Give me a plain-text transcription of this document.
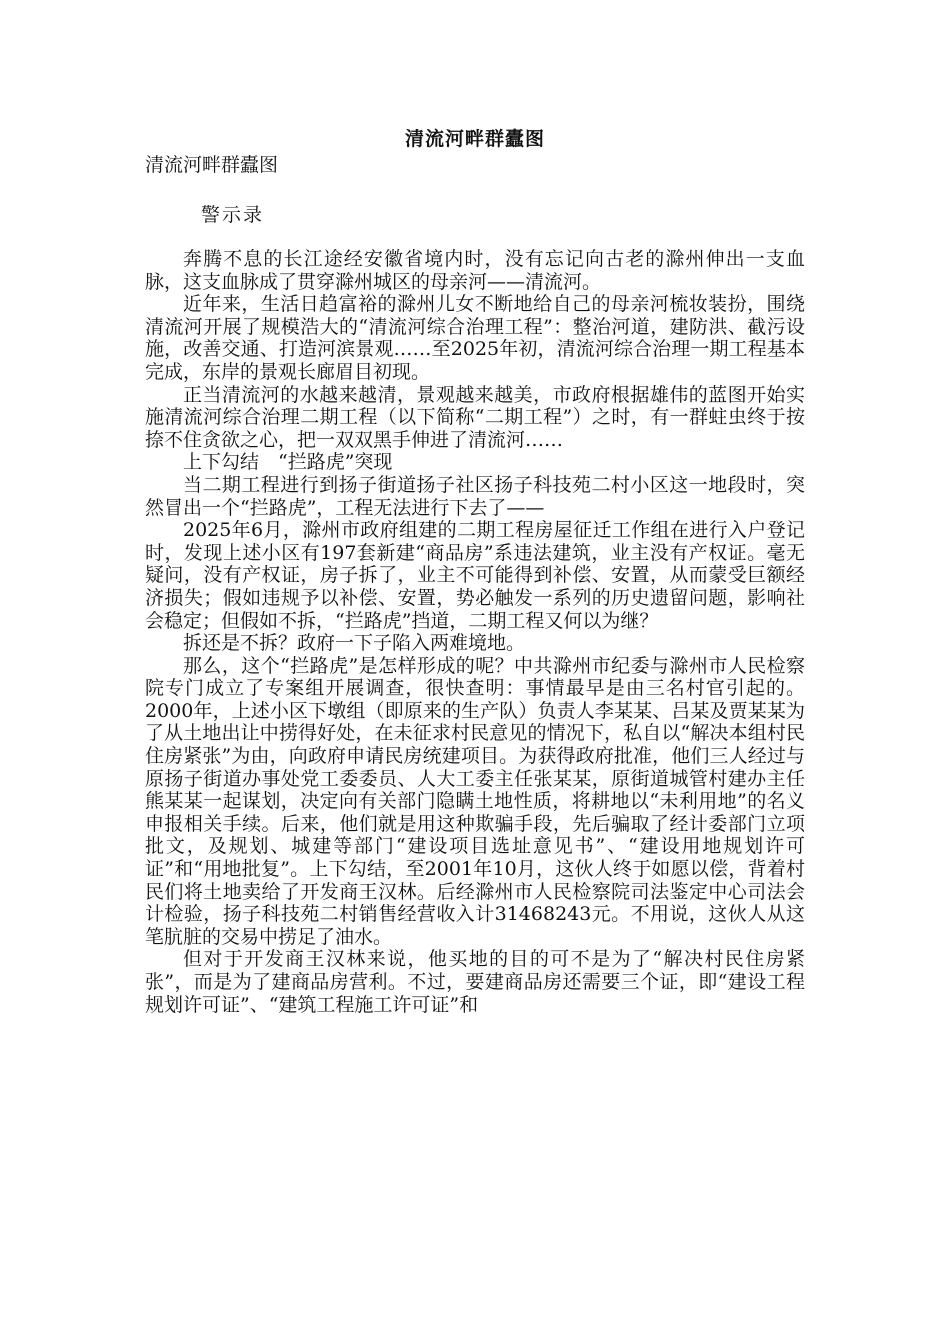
清流河畔群蠹图
清流河畔群蠹图
警示录

奔腾不息的长江途经安徽省境内时，没有忘记向古老的滁州伸出一支血脉，这支血脉成了贯穿滁州城区的母亲河——清流河。

近年来，生活日趋富裕的滁州儿女不断地给自己的母亲河梳妆装扮，围绕清流河开展了规模浩大的“清流河综合治理工程”：整治河道，建防洪、截污设施，改善交通、打造河滨景观……至2025年初，清流河综合治理一期工程基本完成，东岸的景观长廊眉目初现。

正当清流河的水越来越清，景观越来越美，市政府根据雄伟的蓝图开始实施清流河综合治理二期工程（以下简称“二期工程”）之时，有一群蛀虫终于按捺不住贪欲之心，把一双双黑手伸进了清流河……

上下勾结　“拦路虎”突现

当二期工程进行到扬子街道扬子社区扬子科技苑二村小区这一地段时，突然冒出一个“拦路虎”，工程无法进行下去了——

2025年6月，滁州市政府组建的二期工程房屋征迁工作组在进行入户登记时，发现上述小区有197套新建“商品房”系违法建筑，业主没有产权证。毫无疑问，没有产权证，房子拆了，业主不可能得到补偿、安置，从而蒙受巨额经济损失；假如违规予以补偿、安置，势必触发一系列的历史遗留问题，影响社会稳定；但假如不拆，“拦路虎”挡道，二期工程又何以为继？

拆还是不拆？政府一下子陷入两难境地。

那么，这个“拦路虎”是怎样形成的呢？中共滁州市纪委与滁州市人民检察院专门成立了专案组开展调查，很快查明：事情最早是由三名村官引起的。2000年，上述小区下墩组（即原来的生产队）负责人李某某、吕某及贾某某为了从土地出让中捞得好处，在未征求村民意见的情况下，私自以“解决本组村民住房紧张”为由，向政府申请民房统建项目。为获得政府批准，他们三人经过与原扬子街道办事处党工委委员、人大工委主任张某某，原街道城管村建办主任熊某某一起谋划，决定向有关部门隐瞒土地性质，将耕地以“未利用地”的名义申报相关手续。后来，他们就是用这种欺骗手段，先后骗取了经计委部门立项批文，及规划、城建等部门“建设项目选址意见书”、“建设用地规划许可证”和“用地批复”。上下勾结，至2001年10月，这伙人终于如愿以偿，背着村民们将土地卖给了开发商王汉林。后经滁州市人民检察院司法鉴定中心司法会计检验，扬子科技苑二村销售经营收入计31468243元。不用说，这伙人从这笔肮脏的交易中捞足了油水。

但对于开发商王汉林来说，他买地的目的可不是为了“解决村民住房紧张”，而是为了建商品房营利。不过，要建商品房还需要三个证，即“建设工程规划许可证”、“建筑工程施工许可证”和
